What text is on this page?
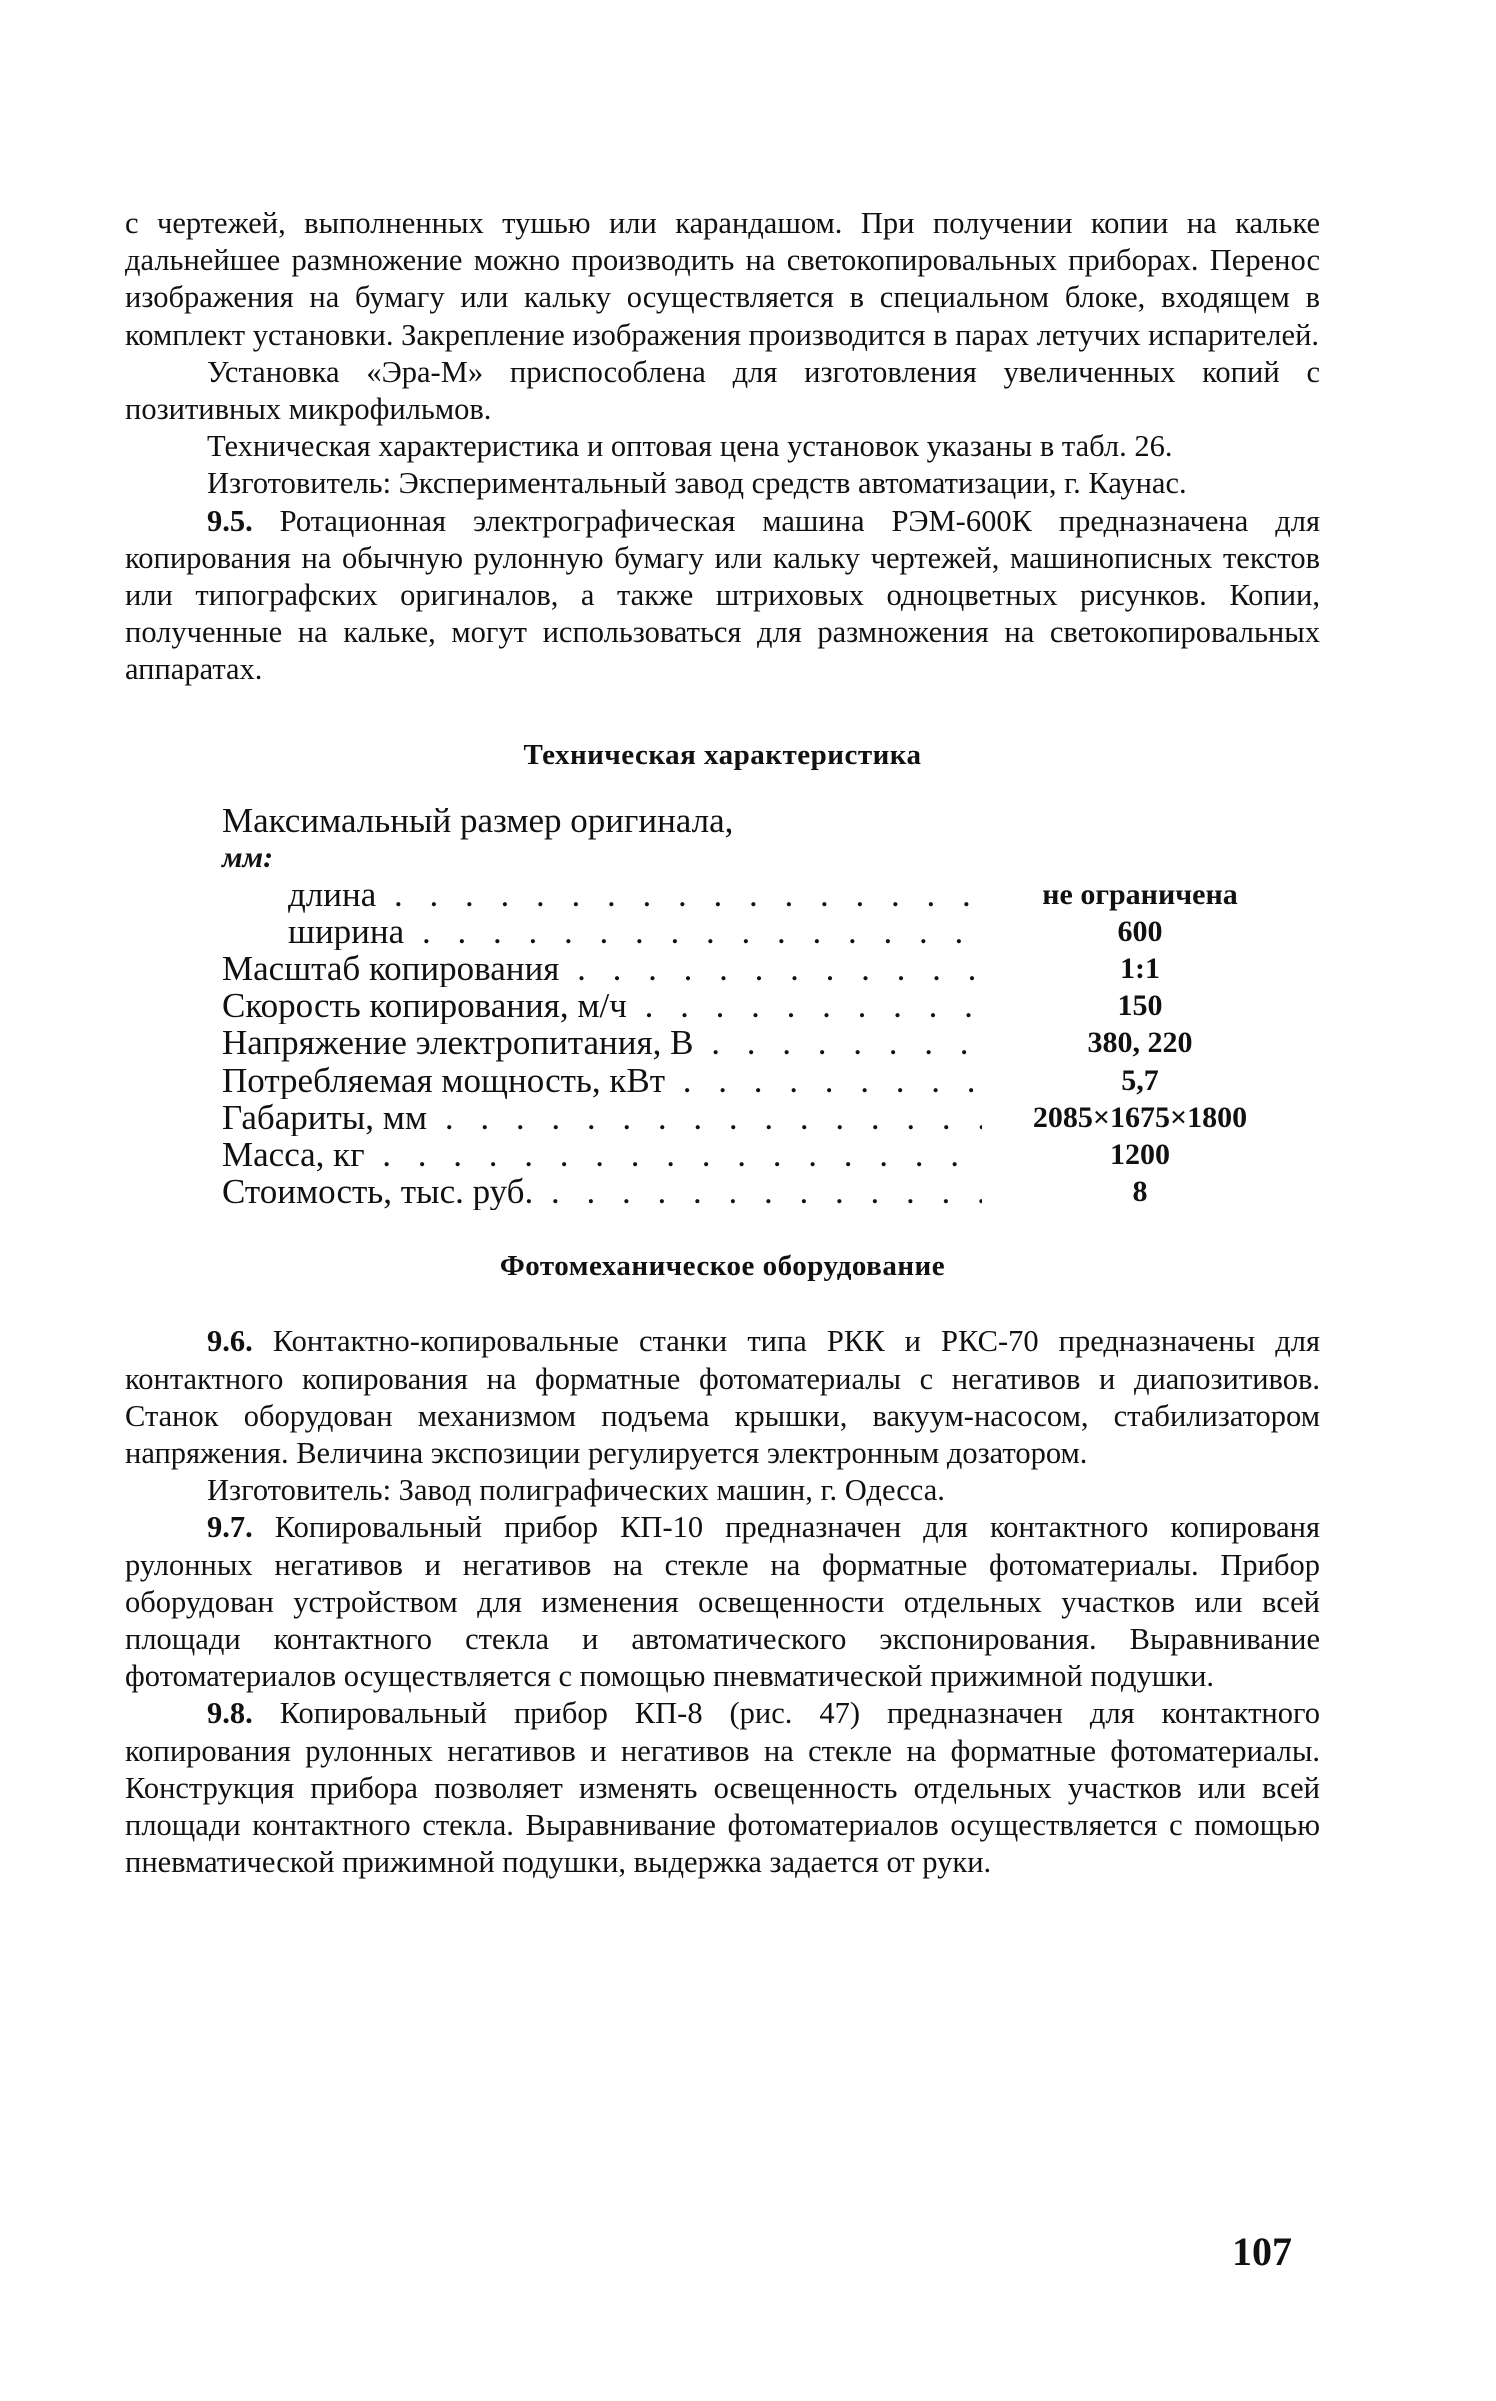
с чертежей, выполненных тушью или карандашом. При получении копии на кальке дальнейшее размножение можно производить на светокопировальных приборах. Перенос изображения на бумагу или кальку осуществляется в специальном блоке, входящем в комплект установки. Закрепление изображения производится в парах летучих испарителей.

Установка «Эра-М» приспособлена для изготовления увеличенных копий с позитивных микрофильмов.

Техническая характеристика и оптовая цена установок указаны в табл. 26.

Изготовитель: Экспериментальный завод средств автоматизации, г. Каунас.

9.5. Ротационная электрографическая машина РЭМ-600К предназначена для копирования на обычную рулонную бумагу или кальку чертежей, машинописных текстов или типографских оригиналов, а также штриховых одноцветных рисунков. Копии, полученные на кальке, могут использоваться для размножения на светокопировальных аппаратах.

Техническая характеристика
Максимальный размер оригинала,
мм:
длина . . .	не ограничена
ширина . . .	600
Масштаб копирования . . .	1:1
Скорость копирования, м/ч . . .	150
Напряжение электропитания, В . . .	380, 220
Потребляемая мощность, кВт . . .	5,7
Габариты, мм . . .	2085×1675×1800
Масса, кг . . .	1200
Стоимость, тыс. руб. . . .	8
Фотомеханическое оборудование

9.6. Контактно-копировальные станки типа РКК и РКС-70 предназначены для контактного копирования на форматные фотоматериалы с негативов и диапозитивов. Станок оборудован механизмом подъема крышки, вакуум-насосом, стабилизатором напряжения. Величина экспозиции регулируется электронным дозатором.

Изготовитель: Завод полиграфических машин, г. Одесса.

9.7. Копировальный прибор КП-10 предназначен для контактного копированя рулонных негативов и негативов на стекле на форматные фотоматериалы. Прибор оборудован устройством для изменения освещенности отдельных участков или всей площади контактного стекла и автоматического экспонирования. Выравнивание фотоматериалов осуществляется с помощью пневматической прижимной подушки.

9.8. Копировальный прибор КП-8 (рис. 47) предназначен для контактного копирования рулонных негативов и негативов на стекле на форматные фотоматериалы. Конструкция прибора позволяет изменять освещенность отдельных участков или всей площади контактного стекла. Выравнивание фотоматериалов осуществляется с помощью пневматической прижимной подушки, выдержка задается от руки.

107
